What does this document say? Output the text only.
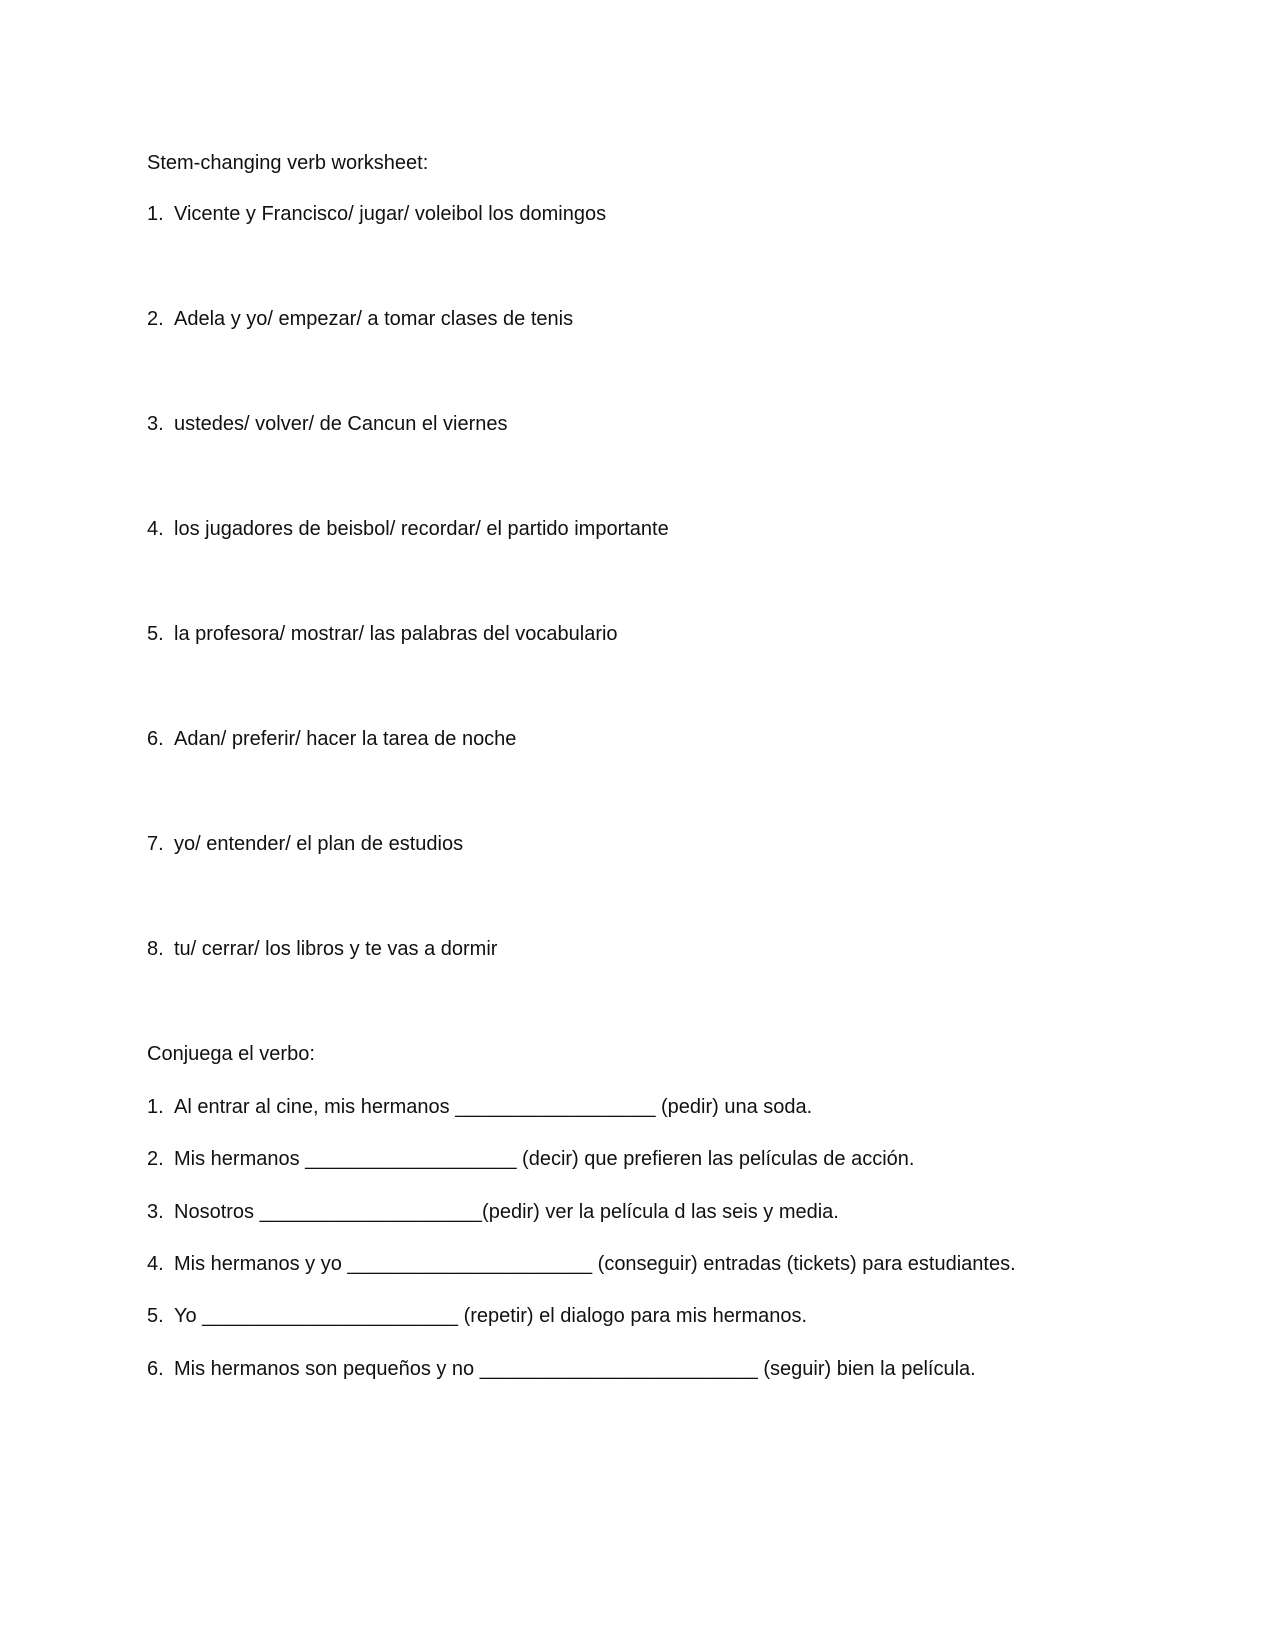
Stem-changing verb worksheet:
1. Vicente y Francisco/ jugar/ voleibol los domingos
2. Adela y yo/ empezar/ a tomar clases de tenis
3. ustedes/ volver/ de Cancun el viernes
4. los jugadores de beisbol/ recordar/ el partido importante
5. la profesora/ mostrar/ las palabras del vocabulario
6. Adan/ preferir/ hacer la tarea de noche
7. yo/ entender/ el plan de estudios
8. tu/ cerrar/ los libros y te vas a dormir
Conjuega el verbo:
1. Al entrar al cine, mis hermanos __________________ (pedir) una soda.
2. Mis hermanos ___________________ (decir) que prefieren las películas de acción.
3. Nosotros ____________________(pedir) ver la película d las seis y media.
4. Mis hermanos y yo ______________________ (conseguir) entradas (tickets) para estudiantes.
5. Yo _______________________ (repetir) el dialogo para mis hermanos.
6. Mis hermanos son pequeños y no _________________________ (seguir) bien la película.
